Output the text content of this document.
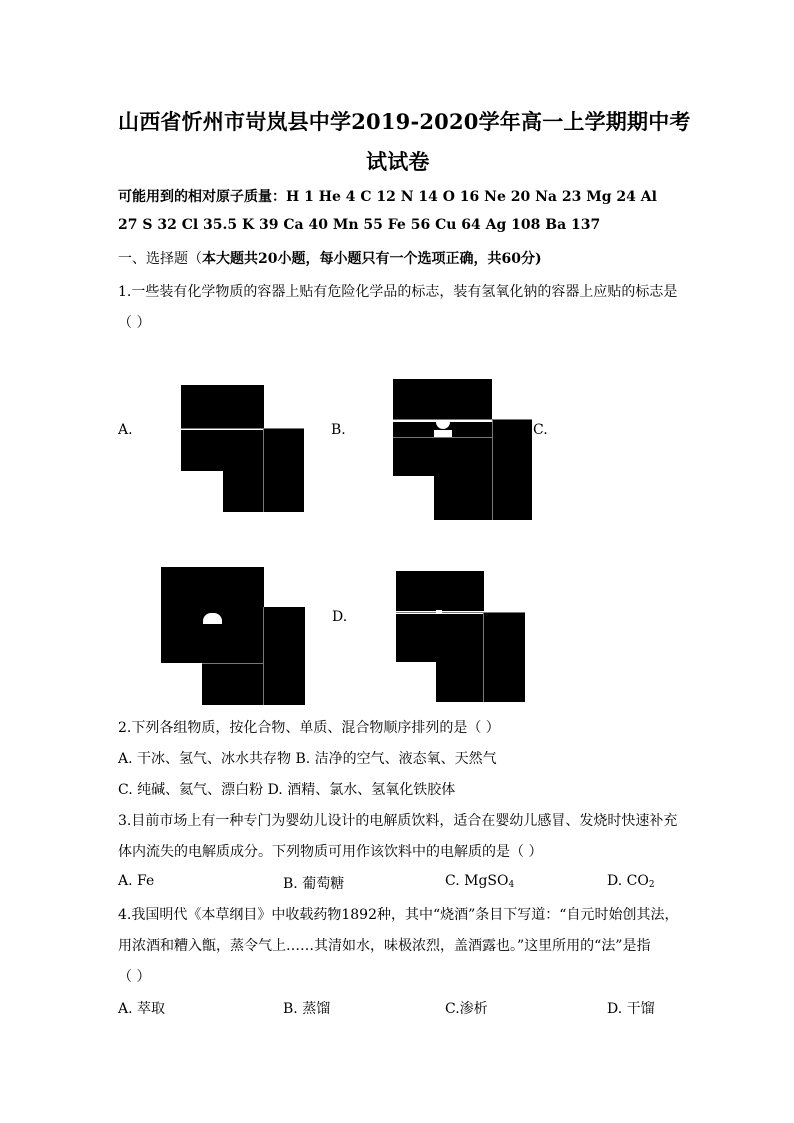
山西省忻州市岢岚县中学2019-2020学年高一上学期期中考
试试卷
可能用到的相对原子质量：H 1 He 4 C 12 N 14 O 16 Ne 20 Na 23 Mg 24 Al
27 S 32 Cl 35.5 K 39 Ca 40 Mn 55 Fe 56 Cu 64 Ag 108 Ba 137
一、选择题（本大题共20小题，每小题只有一个选项正确，共60分)
1.一些装有化学物质的容器上贴有危险化学品的标志，装有氢氧化钠的容器上应贴的标志是
（ ）
A.	B.	C.
D.
2.下列各组物质，按化合物、单质、混合物顺序排列的是（ ）
A. 干冰、氢气、冰水共存物 B. 洁净的空气、液态氧、天然气
C. 纯碱、氦气、漂白粉 D. 酒精、氯水、氢氧化铁胶体
3.目前市场上有一种专门为婴幼儿设计的电解质饮料，适合在婴幼儿感冒、发烧时快速补充
体内流失的电解质成分。下列物质可用作该饮料中的电解质的是（ ）
A. Fe	B. 葡萄糖	C. MgSO$_4$	D. $CO_2$
4.我国明代《本草纲目》中收载药物1892种，其中“烧酒”条目下写道：“自元时始创其法，
用浓酒和糟入甑，蒸令气上……其清如水，味极浓烈，盖酒露也。”这里所用的“法”是指
（ ）
A. 萃取	B. 蒸馏	C.渗析	D. 干馏
